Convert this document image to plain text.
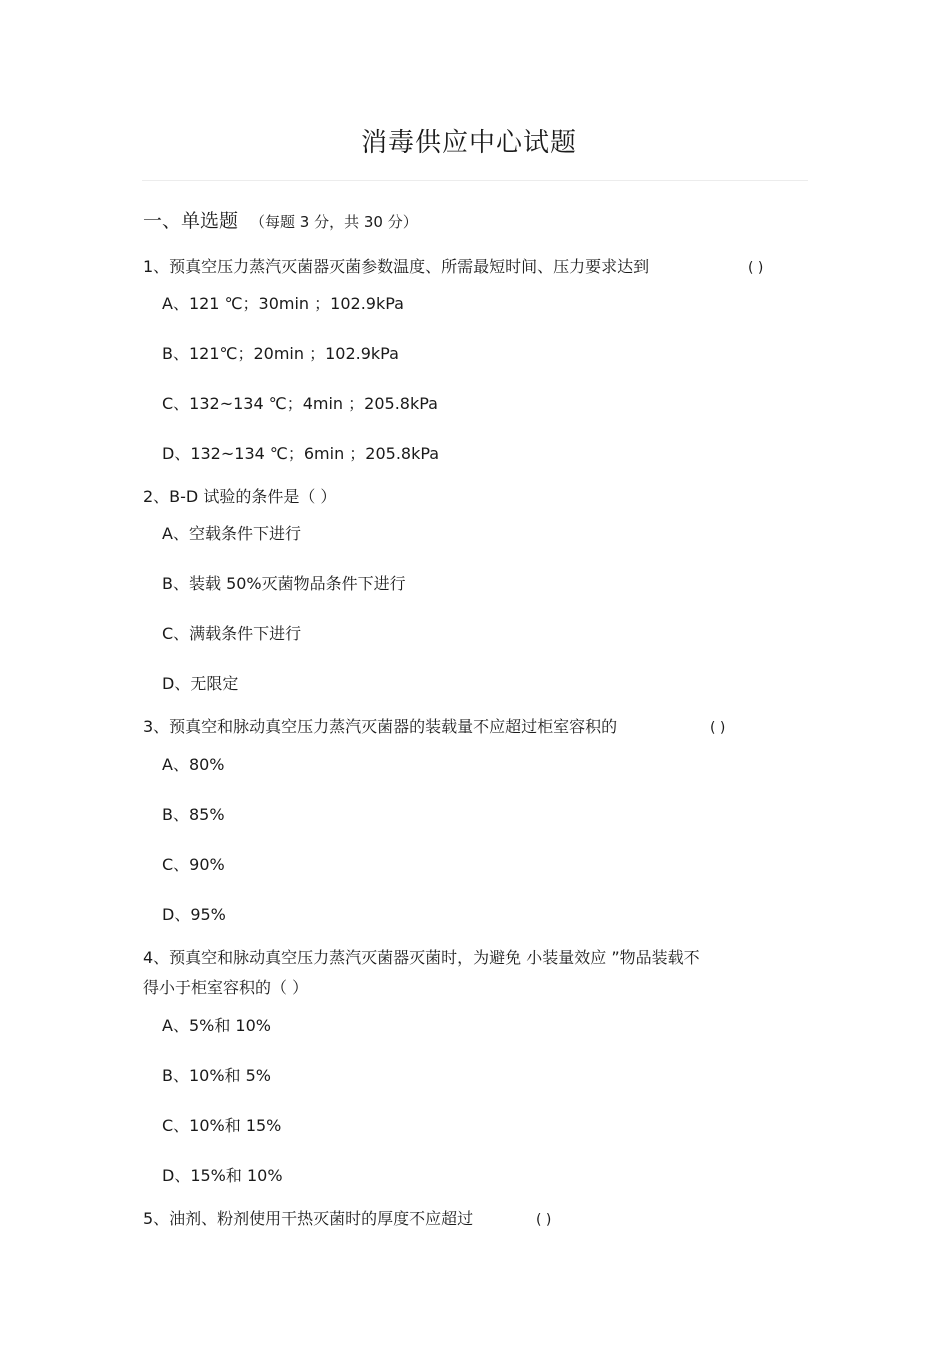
消毒供应中心试题
一、单选题 （每题 3 分，共 30 分）
1、预真空压力蒸汽灭菌器灭菌参数温度、所需最短时间、压力要求达到	( )
A、121 ℃；30min ；102.9kPa
B、121℃；20min ；102.9kPa
C、132~134 ℃；4min ；205.8kPa
D、132~134 ℃；6min ；205.8kPa
2、B-D 试验的条件是（ ）
A、空载条件下进行
B、装载 50%灭菌物品条件下进行
C、满载条件下进行
D、无限定
3、预真空和脉动真空压力蒸汽灭菌器的装载量不应超过柜室容积的	( )
A、80%
B、85%
C、90%
D、95%
4、预真空和脉动真空压力蒸汽灭菌器灭菌时，为避免 小装量效应 ”物品装载不
得小于柜室容积的（ ）
A、5%和 10%
B、10%和 5%
C、10%和 15%
D、15%和 10%
5、油剂、粉剂使用干热灭菌时的厚度不应超过	( )
